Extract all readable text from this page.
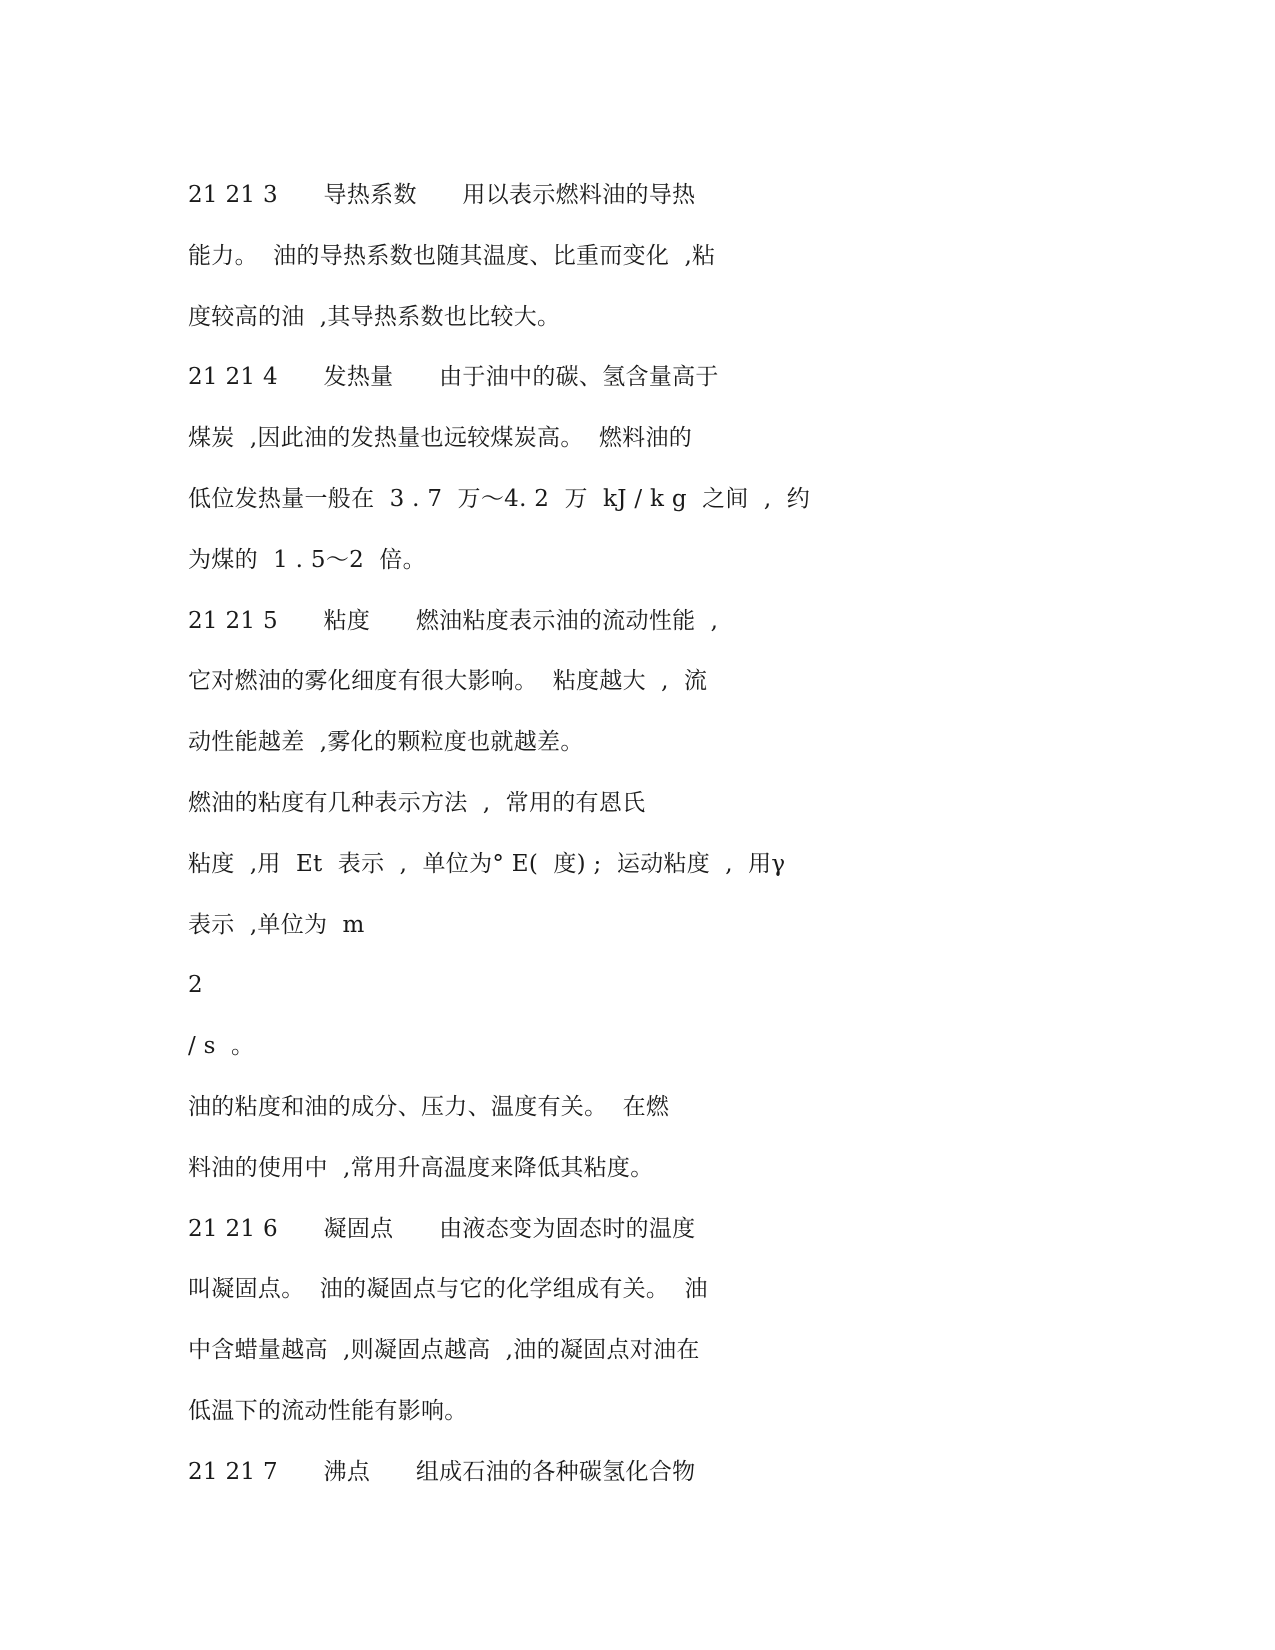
21 21 3      导热系数      用以表示燃料油的导热
能力。  油的导热系数也随其温度、比重而变化  ,粘
度较高的油  ,其导热系数也比较大。
21 21 4      发热量      由于油中的碳、氢含量高于
煤炭  ,因此油的发热量也远较煤炭高。  燃料油的
低位发热量一般在  3 . 7  万～4. 2  万  kJ / k g  之间  ,  约
为煤的  1 . 5～2  倍。
21 21 5      粘度      燃油粘度表示油的流动性能  ,
它对燃油的雾化细度有很大影响。  粘度越大  ,  流
动性能越差  ,雾化的颗粒度也就越差。
燃油的粘度有几种表示方法  ,  常用的有恩氏
粘度  ,用  Et  表示  ,  单位为° E(  度) ;  运动粘度  ,  用γ
表示  ,单位为  m
2
/ s  。
油的粘度和油的成分、压力、温度有关。  在燃
料油的使用中  ,常用升高温度来降低其粘度。
21 21 6      凝固点      由液态变为固态时的温度
叫凝固点。  油的凝固点与它的化学组成有关。  油
中含蜡量越高  ,则凝固点越高  ,油的凝固点对油在
低温下的流动性能有影响。
21 21 7      沸点      组成石油的各种碳氢化合物
